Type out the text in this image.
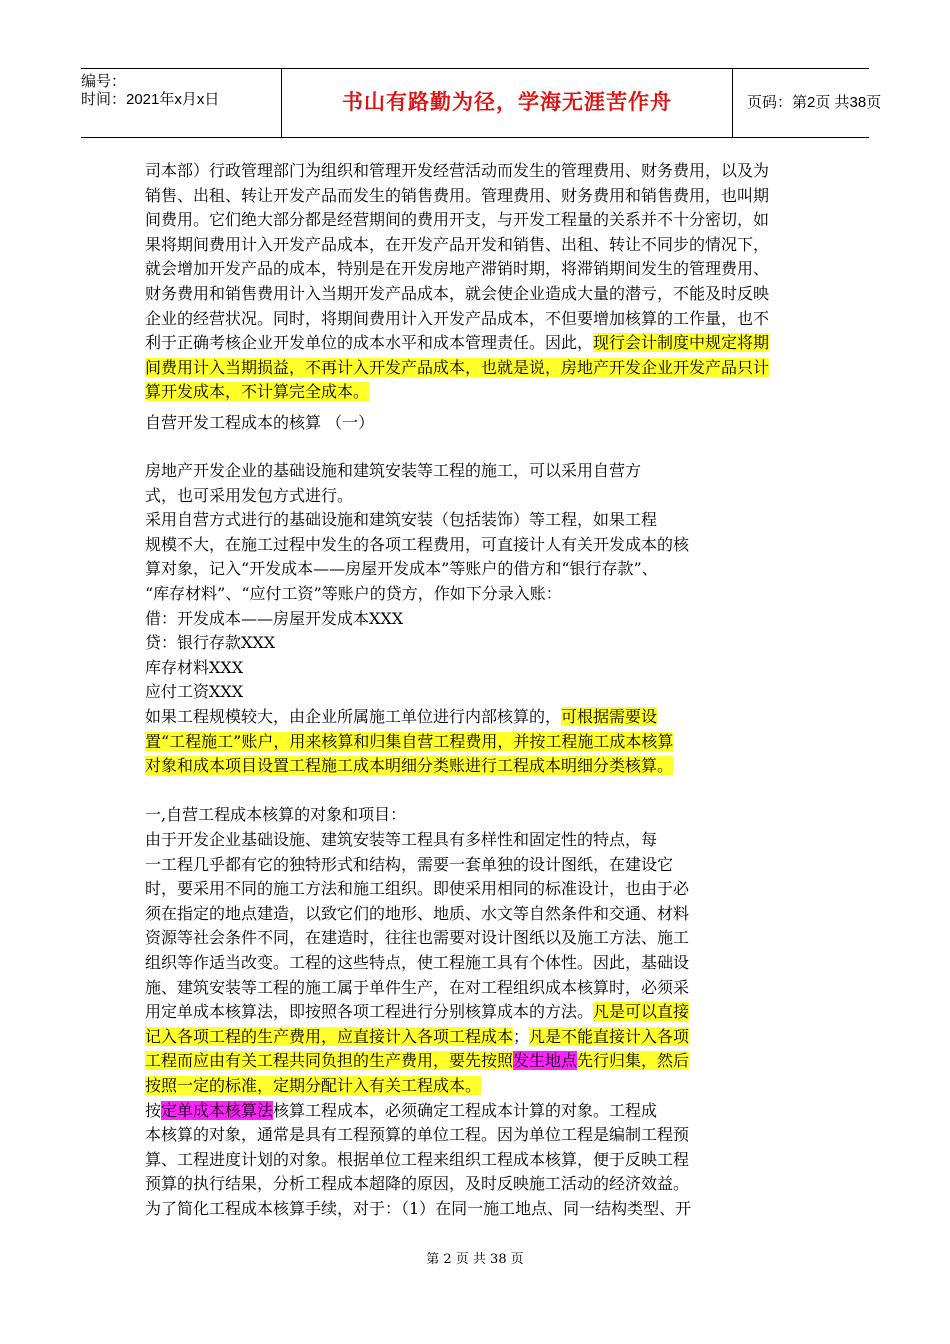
编号：
时间：2021年x月x日	书山有路勤为径，学海无涯苦作舟	页码：第2页 共38页
司本部）行政管理部门为组织和管理开发经营活动而发生的管理费用、财务费用，以及为
销售、出租、转让开发产品而发生的销售费用。管理费用、财务费用和销售费用，也叫期
间费用。它们绝大部分都是经营期间的费用开支，与开发工程量的关系并不十分密切，如
果将期间费用计入开发产品成本，在开发产品开发和销售、出租、转让不同步的情况下，
就会增加开发产品的成本，特别是在开发房地产滞销时期，将滞销期间发生的管理费用、
财务费用和销售费用计入当期开发产品成本，就会使企业造成大量的潜亏，不能及时反映
企业的经营状况。同时，将期间费用计入开发产品成本，不但要增加核算的工作量，也不
利于正确考核企业开发单位的成本水平和成本管理责任。因此，现行会计制度中规定将期
间费用计入当期损益，不再计入开发产品成本，也就是说，房地产开发企业开发产品只计
算开发成本，不计算完全成本。
自营开发工程成本的核算 （一）
房地产开发企业的基础设施和建筑安装等工程的施工，可以采用自营方
式，也可采用发包方式进行。
采用自营方式进行的基础设施和建筑安装（包括装饰）等工程，如果工程
规模不大，在施工过程中发生的各项工程费用，可直接计人有关开发成本的核
算对象，记入“开发成本——房屋开发成本”等账户的借方和“银行存款”、
“库存材料”、“应付工资”等账户的贷方，作如下分录入账：
借：开发成本——房屋开发成本XXX
贷：银行存款XXX
库存材料XXX
应付工资XXX
如果工程规模较大，由企业所属施工单位进行内部核算的，可根据需要设
置“工程施工”账户，用来核算和归集自营工程费用，并按工程施工成本核算
对象和成本项目设置工程施工成本明细分类账进行工程成本明细分类核算。
一,自营工程成本核算的对象和项目：
由于开发企业基础设施、建筑安装等工程具有多样性和固定性的特点，每
一工程几乎都有它的独特形式和结构，需要一套单独的设计图纸，在建设它
时，要采用不同的施工方法和施工组织。即使采用相同的标准设计，也由于必
须在指定的地点建造，以致它们的地形、地质、水文等自然条件和交通、材料
资源等社会条件不同，在建造时，往往也需要对设计图纸以及施工方法、施工
组织等作适当改变。工程的这些特点，使工程施工具有个体性。因此，基础设
施、建筑安装等工程的施工属于单件生产，在对工程组织成本核算时，必须采
用定单成本核算法，即按照各项工程进行分别核算成本的方法。凡是可以直接
记入各项工程的生产费用，应直接计入各项工程成本；凡是不能直接计入各项
工程而应由有关工程共同负担的生产费用，要先按照发生地点先行归集，然后
按照一定的标准，定期分配计入有关工程成本。
按定单成本核算法核算工程成本，必须确定工程成本计算的对象。工程成
本核算的对象，通常是具有工程预算的单位工程。因为单位工程是编制工程预
算、工程进度计划的对象。根据单位工程来组织工程成本核算，便于反映工程
预算的执行结果，分析工程成本超降的原因，及时反映施工活动的经济效益。
为了简化工程成本核算手续，对于：（1）在同一施工地点、同一结构类型、开
第 2 页 共 38 页
